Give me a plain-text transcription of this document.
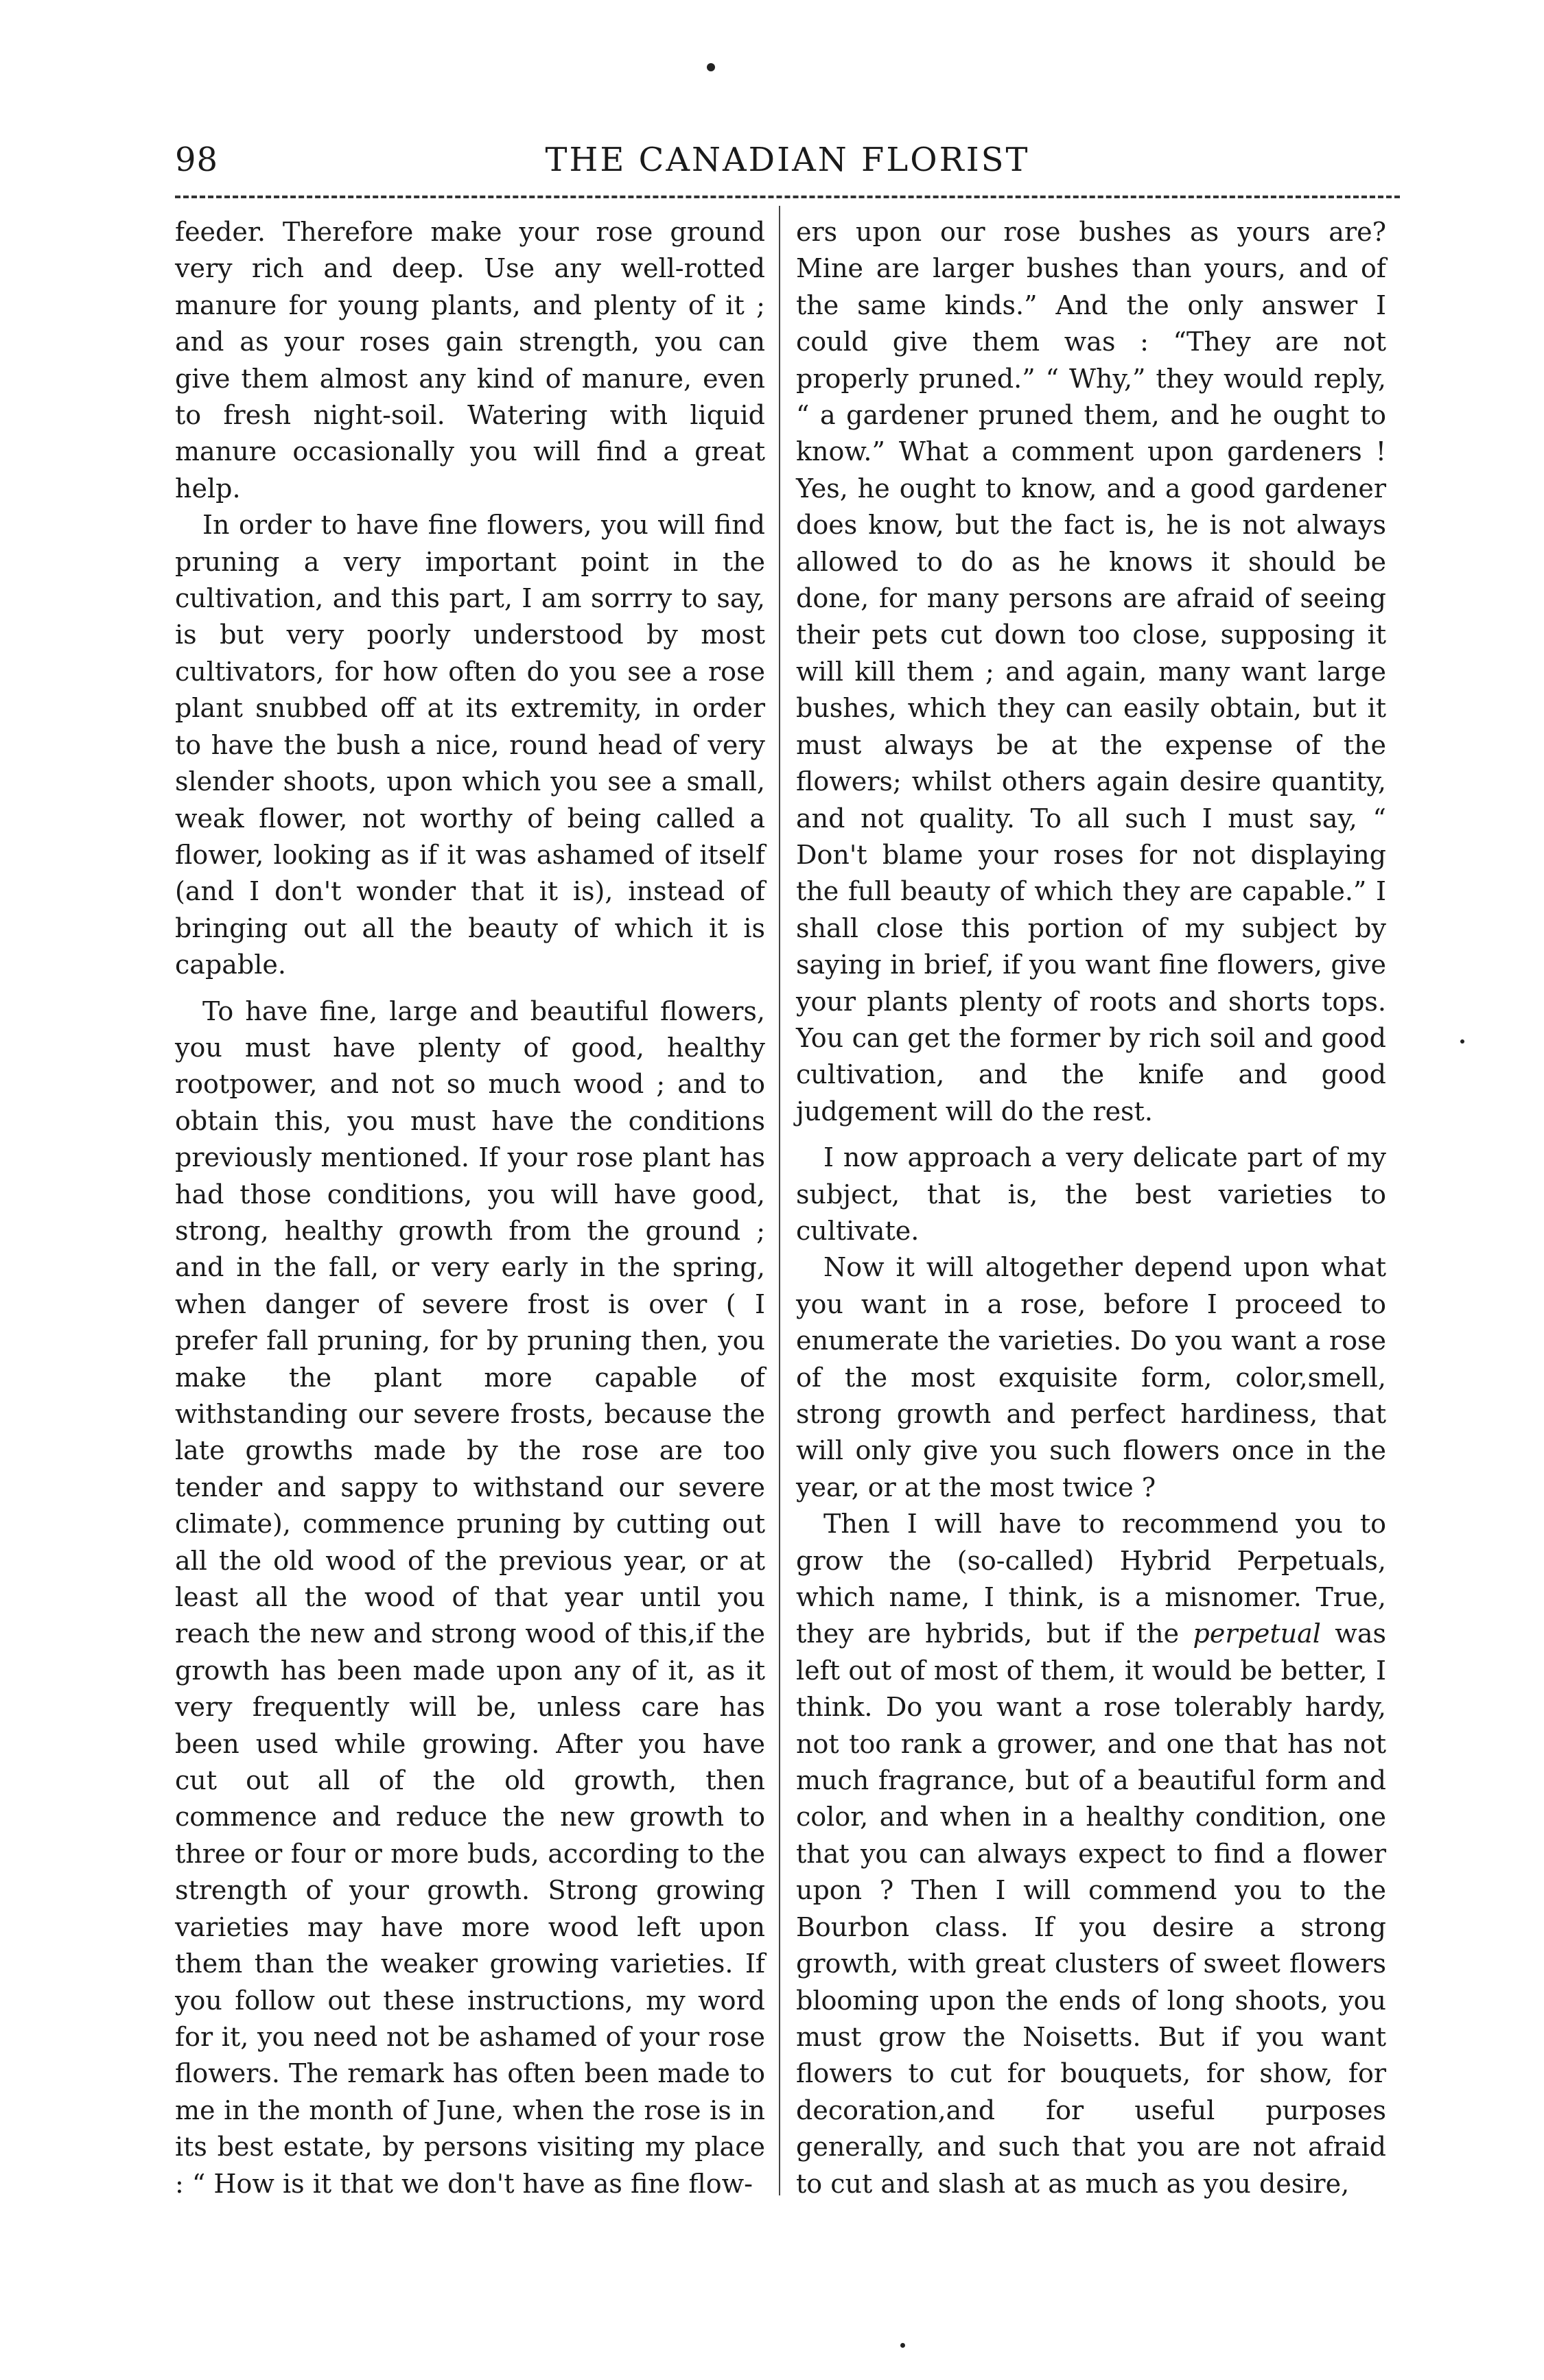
98	THE CANADIAN FLORIST

feeder. Therefore make your rose ground very rich and deep. Use any well-rotted manure for young plants, and plenty of it ; and as your roses gain strength, you can give them almost any kind of manure, even to fresh night-soil. Watering with liquid manure occasionally you will find a great help.

In order to have fine flowers, you will find pruning a very important point in the cultivation, and this part, I am sorrry to say, is but very poorly understood by most cultivators, for how often do you see a rose plant snubbed off at its extremity, in order to have the bush a nice, round head of very slender shoots, upon which you see a small, weak flower, not worthy of being called a flower, looking as if it was ashamed of itself (and I don't wonder that it is), instead of bringing out all the beauty of which it is capable.

To have fine, large and beautiful flowers, you must have plenty of good, healthy rootpower, and not so much wood ; and to obtain this, you must have the conditions previously mentioned. If your rose plant has had those conditions, you will have good, strong, healthy growth from the ground ; and in the fall, or very early in the spring, when danger of severe frost is over ( I prefer fall pruning, for by pruning then, you make the plant more capable of withstanding our severe frosts, because the late growths made by the rose are too tender and sappy to withstand our severe climate), commence pruning by cutting out all the old wood of the previous year, or at least all the wood of that year until you reach the new and strong wood of this,if the growth has been made upon any of it, as it very frequently will be, unless care has been used while growing. After you have cut out all of the old growth, then commence and reduce the new growth to three or four or more buds, according to the strength of your growth. Strong growing varieties may have more wood left upon them than the weaker growing varieties. If you follow out these instructions, my word for it, you need not be ashamed of your rose flowers. The remark has often been made to me in the month of June, when the rose is in its best estate, by persons visiting my place : “ How is it that we don't have as fine flow-

ers upon our rose bushes as yours are? Mine are larger bushes than yours, and of the same kinds.” And the only answer I could give them was : “They are not properly pruned.” “ Why,” they would reply, “ a gardener pruned them, and he ought to know.” What a comment upon gardeners ! Yes, he ought to know, and a good gardener does know, but the fact is, he is not always allowed to do as he knows it should be done, for many persons are afraid of seeing their pets cut down too close, supposing it will kill them ; and again, many want large bushes, which they can easily obtain, but it must always be at the expense of the flowers; whilst others again desire quantity, and not quality. To all such I must say, “ Don't blame your roses for not displaying the full beauty of which they are capable.” I shall close this portion of my subject by saying in brief, if you want fine flowers, give your plants plenty of roots and shorts tops. You can get the former by rich soil and good cultivation, and the knife and good judgement will do the rest.

I now approach a very delicate part of my subject, that is, the best varieties to cultivate.

Now it will altogether depend upon what you want in a rose, before I proceed to enumerate the varieties. Do you want a rose of the most exquisite form, color,smell, strong growth and perfect hardiness, that will only give you such flowers once in the year, or at the most twice ?

Then I will have to recommend you to grow the (so-called) Hybrid Perpetuals, which name, I think, is a misnomer. True, they are hybrids, but if the perpetual was left out of most of them, it would be better, I think. Do you want a rose tolerably hardy, not too rank a grower, and one that has not much fragrance, but of a beautiful form and color, and when in a healthy condition, one that you can always expect to find a flower upon ? Then I will commend you to the Bourbon class. If you desire a strong growth, with great clusters of sweet flowers blooming upon the ends of long shoots, you must grow the Noisetts. But if you want flowers to cut for bouquets, for show, for decoration,and for useful purposes generally, and such that you are not afraid to cut and slash at as much as you desire,
